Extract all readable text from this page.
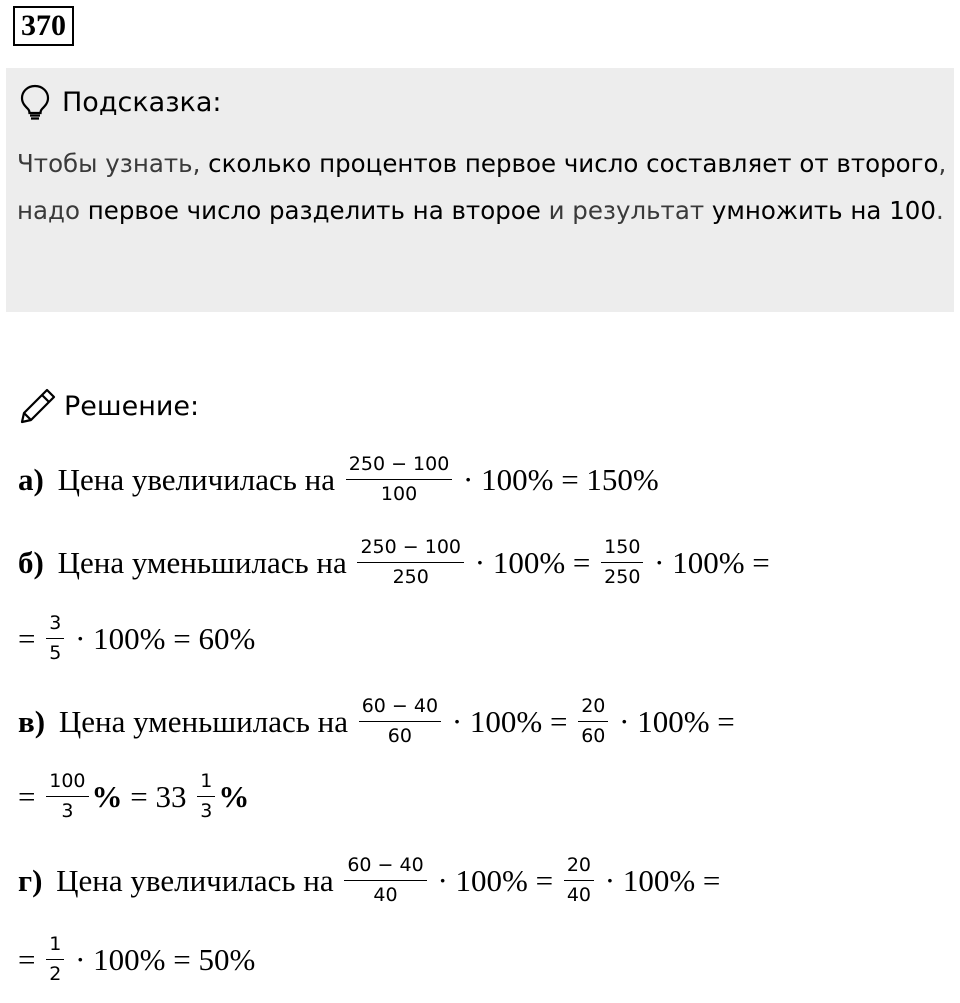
370
Подсказка:
Чтобы узнать, сколько процентов первое число составляет от второго, надо первое число разделить на второе и результат умножить на 100.
Решение:
а) Цена увеличилась на $\frac{250 - 100}{100} \cdot 100\% = 150\%$
б) Цена уменьшилась на $\frac{250 - 100}{250} \cdot 100\% = \frac{150}{250} \cdot 100\%$ =
= $\frac{3}{5} \cdot 100\% = 60\%$
в) Цена уменьшилась на $\frac{60 - 40}{60} \cdot 100\% = \frac{20}{60} \cdot 100\%$ =
= $\frac{100}{3}$ % = $33 \frac{1}{3}$ %
г) Цена увеличилась на $\frac{60 - 40}{40} \cdot 100\% = \frac{20}{40} \cdot 100\%$ =
= $\frac{1}{2} \cdot 100\% = 50\%$
